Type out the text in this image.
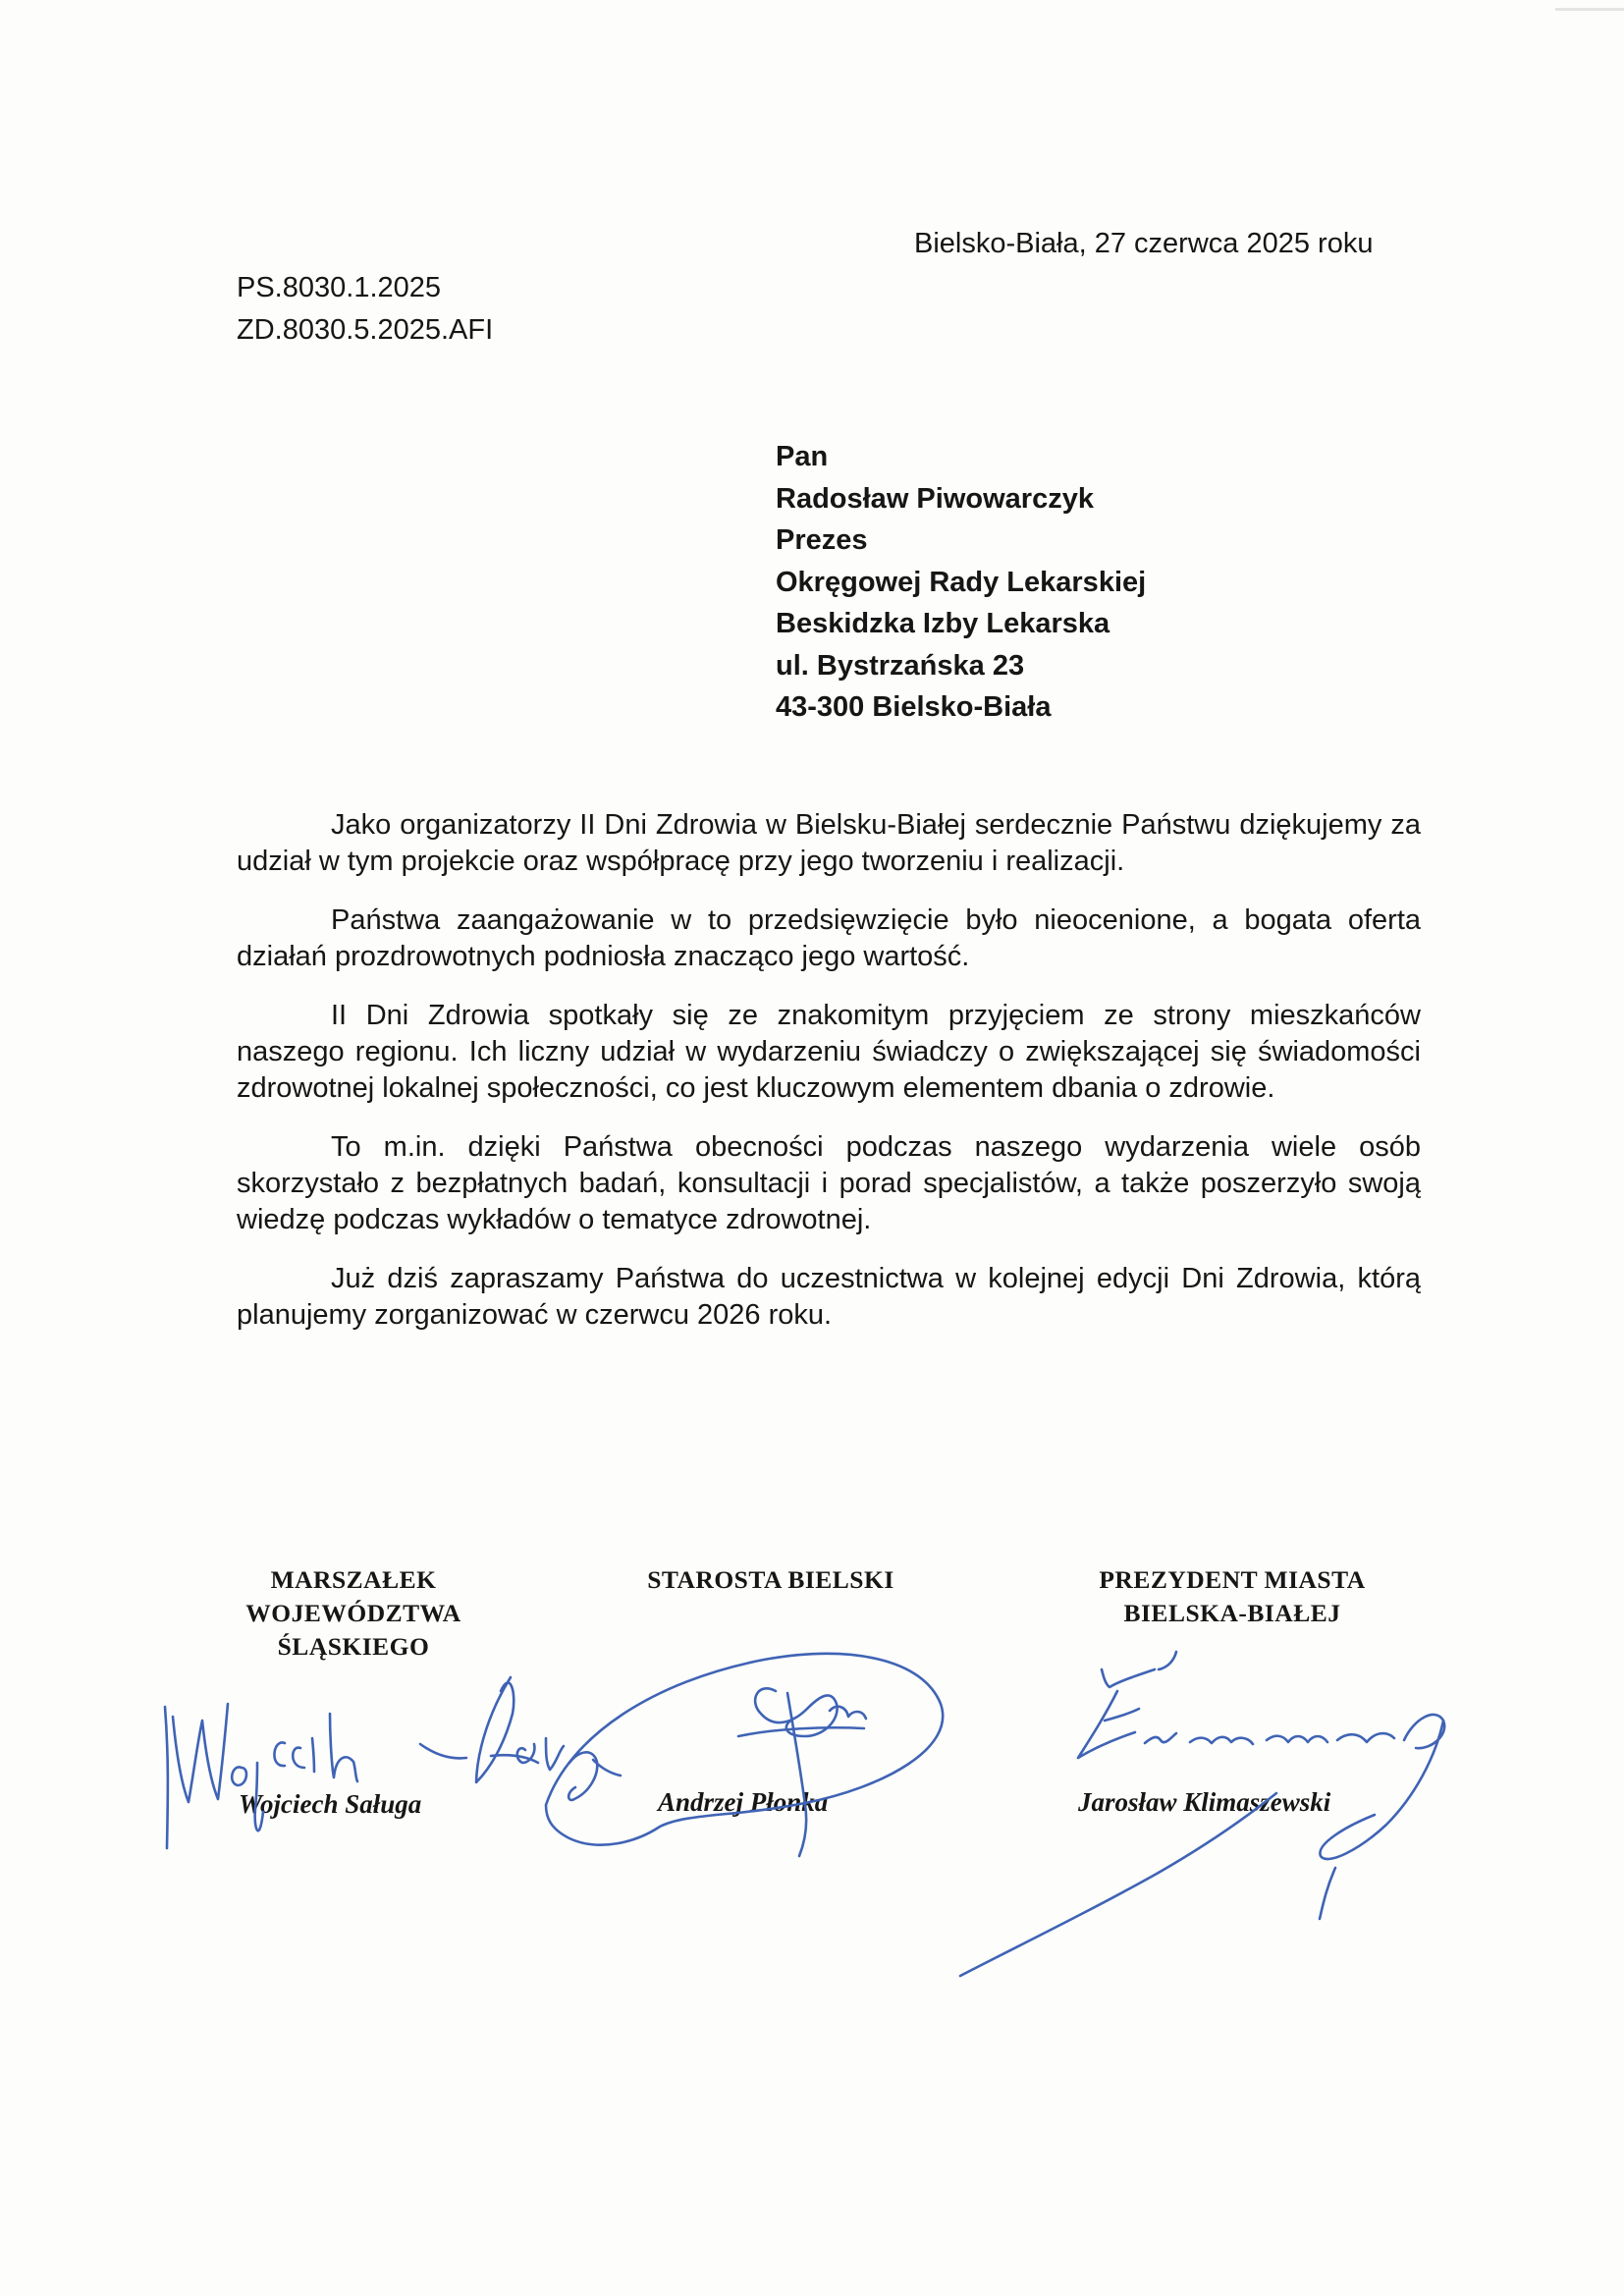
Bielsko-Biała, 27 czerwca 2025 roku
PS.8030.1.2025
ZD.8030.5.2025.AFI
Pan
Radosław Piwowarczyk
Prezes
Okręgowej Rady Lekarskiej
Beskidzka Izby Lekarska
ul. Bystrzańska 23
43-300 Bielsko-Biała

Jako organizatorzy II Dni Zdrowia w Bielsku-Białej serdecznie Państwu dziękujemy za udział w tym projekcie oraz współpracę przy jego tworzeniu i realizacji.

Państwa zaangażowanie w to przedsięwzięcie było nieocenione, a bogata oferta działań prozdrowotnych podniosła znacząco jego wartość.

II Dni Zdrowia spotkały się ze znakomitym przyjęciem ze strony mieszkańców naszego regionu. Ich liczny udział w wydarzeniu świadczy o zwiększającej się świadomości zdrowotnej lokalnej społeczności, co jest kluczowym elementem dbania o zdrowie.

To m.in. dzięki Państwa obecności podczas naszego wydarzenia wiele osób skorzystało z bezpłatnych badań, konsultacji i porad specjalistów, a także poszerzyło swoją wiedzę podczas wykładów o tematyce zdrowotnej.

Już dziś zapraszamy Państwa do uczestnictwa w kolejnej edycji Dni Zdrowia, którą planujemy zorganizować w czerwcu 2026 roku.

MARSZAŁEK
WOJEWÓDZTWA
ŚLĄSKIEGO
STAROSTA BIELSKI	PREZYDENT MIASTA
BIELSKA-BIAŁEJ
Wojciech Saługa	Andrzej Płonka	Jarosław Klimaszewski
